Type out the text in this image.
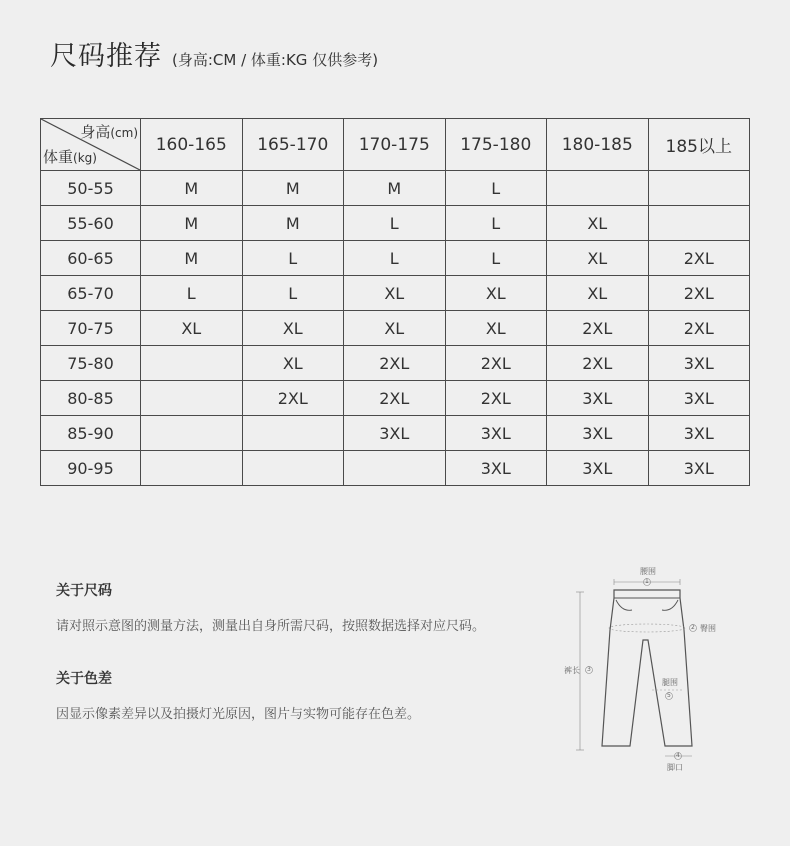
尺码推荐 (身高:CM / 体重:KG 仅供参考)
身高(cm)
体重(kg)	160-165	165-170	170-175	175-180	180-185	185以上
50-55	M	M	M	L		
55-60	M	M	L	L	XL	
60-65	M	L	L	L	XL	2XL
65-70	L	L	XL	XL	XL	2XL
70-75	XL	XL	XL	XL	2XL	2XL
75-80		XL	2XL	2XL	2XL	3XL
80-85		2XL	2XL	2XL	3XL	3XL
85-90			3XL	3XL	3XL	3XL
90-95				3XL	3XL	3XL

关于尺码

请对照示意图的测量方法，测量出自身所需尺码，按照数据选择对应尺码。

关于色差

因显示像素差异以及拍摄灯光原因，图片与实物可能存在色差。

腰围
1
2 臀围
裤长 3
腿围
5
4
脚口
